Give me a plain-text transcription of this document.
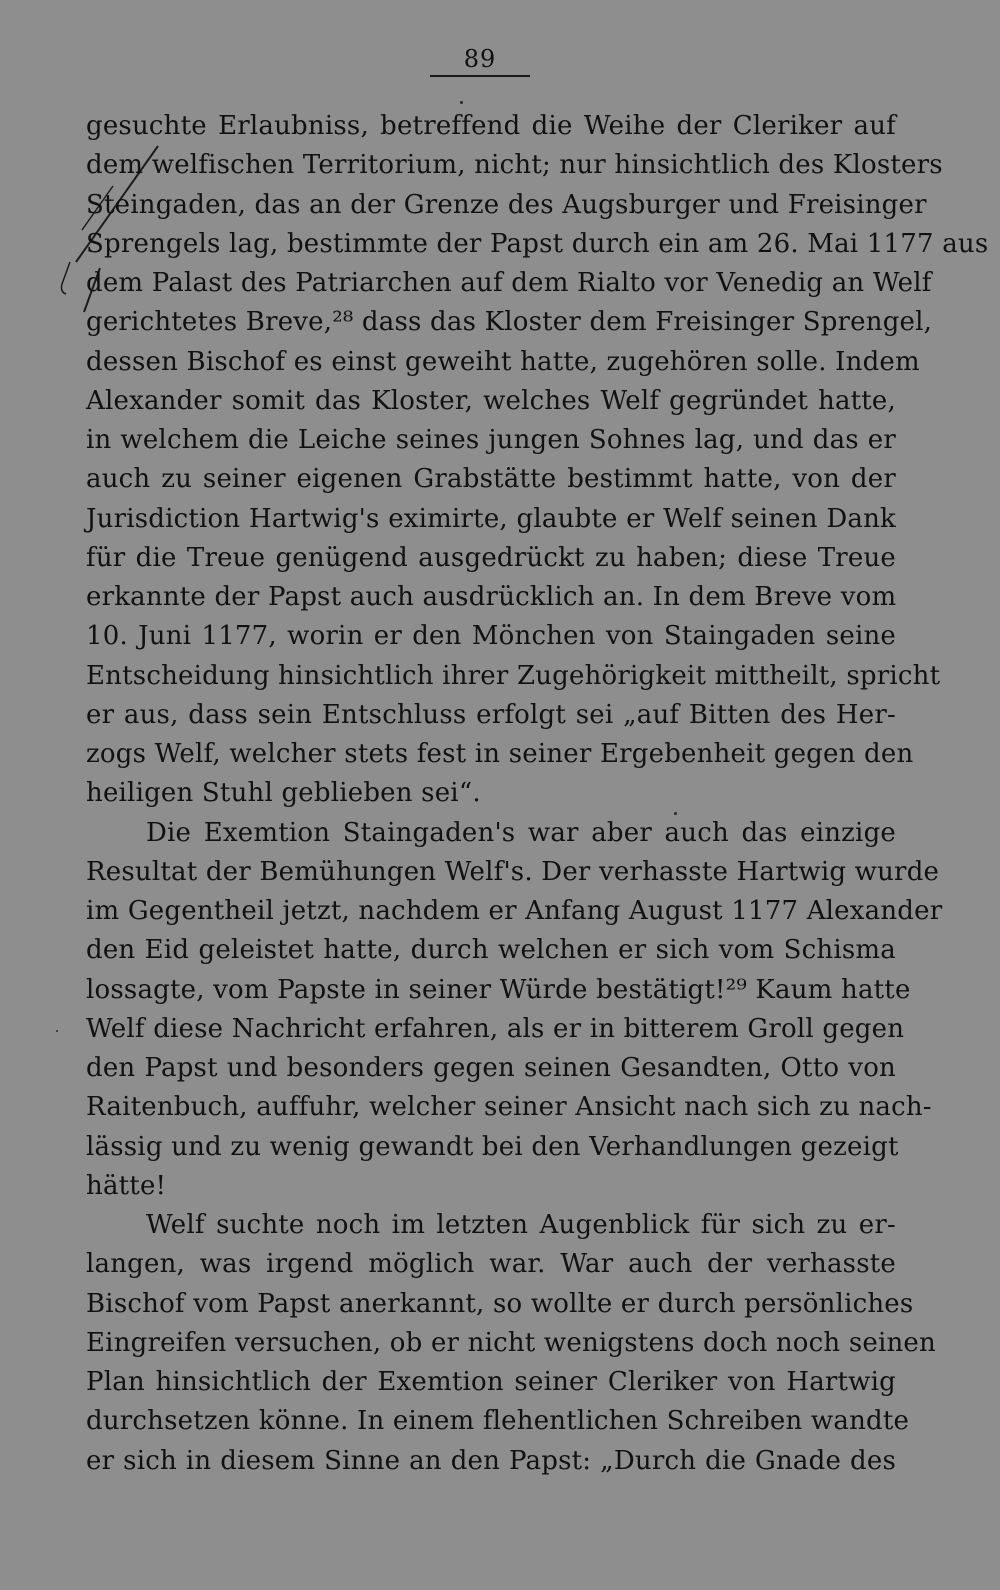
89
gesuchte Erlaubniss, betreffend die Weihe der Cleriker auf
dem welfischen Territorium, nicht; nur hinsichtlich des Klosters
Steingaden, das an der Grenze des Augsburger und Freisinger
Sprengels lag, bestimmte der Papst durch ein am 26. Mai 1177 aus
dem Palast des Patriarchen auf dem Rialto vor Venedig an Welf
gerichtetes Breve,²⁸ dass das Kloster dem Freisinger Sprengel,
dessen Bischof es einst geweiht hatte, zugehören solle. Indem
Alexander somit das Kloster, welches Welf gegründet hatte,
in welchem die Leiche seines jungen Sohnes lag, und das er
auch zu seiner eigenen Grabstätte bestimmt hatte, von der
Jurisdiction Hartwig's eximirte, glaubte er Welf seinen Dank
für die Treue genügend ausgedrückt zu haben; diese Treue
erkannte der Papst auch ausdrücklich an. In dem Breve vom
10. Juni 1177, worin er den Mönchen von Staingaden seine
Entscheidung hinsichtlich ihrer Zugehörigkeit mittheilt, spricht
er aus, dass sein Entschluss erfolgt sei „auf Bitten des Her-
zogs Welf, welcher stets fest in seiner Ergebenheit gegen den
heiligen Stuhl geblieben sei“.
Die Exemtion Staingaden's war aber auch das einzige
Resultat der Bemühungen Welf's. Der verhasste Hartwig wurde
im Gegentheil jetzt, nachdem er Anfang August 1177 Alexander
den Eid geleistet hatte, durch welchen er sich vom Schisma
lossagte, vom Papste in seiner Würde bestätigt!²⁹ Kaum hatte
Welf diese Nachricht erfahren, als er in bitterem Groll gegen
den Papst und besonders gegen seinen Gesandten, Otto von
Raitenbuch, auffuhr, welcher seiner Ansicht nach sich zu nach-
lässig und zu wenig gewandt bei den Verhandlungen gezeigt
hätte!
Welf suchte noch im letzten Augenblick für sich zu er-
langen, was irgend möglich war. War auch der verhasste
Bischof vom Papst anerkannt, so wollte er durch persönliches
Eingreifen versuchen, ob er nicht wenigstens doch noch seinen
Plan hinsichtlich der Exemtion seiner Cleriker von Hartwig
durchsetzen könne. In einem flehentlichen Schreiben wandte
er sich in diesem Sinne an den Papst: „Durch die Gnade des
